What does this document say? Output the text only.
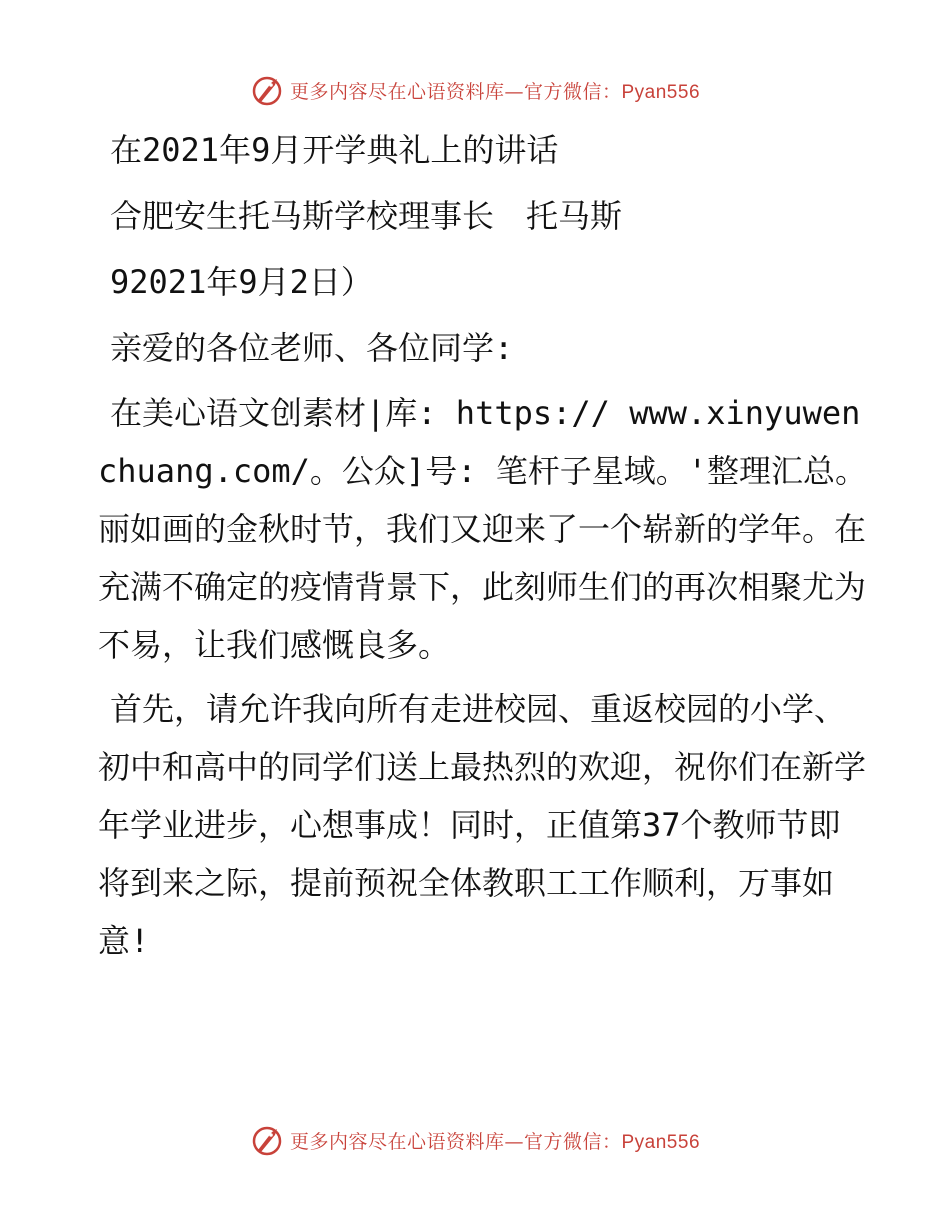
更多内容尽在心语资料库—官方微信：Pyan556
在2021年9月开学典礼上的讲话
合肥安生托马斯学校理事长　托马斯
92021年9月2日）
亲爱的各位老师、各位同学:

在美心语文创素材|库: https:// www.xinyuwenchuang.com/。公众]号: 笔杆子星域。'整理汇总。丽如画的金秋时节，我们又迎来了一个崭新的学年。在充满不确定的疫情背景下，此刻师生们的再次相聚尤为不易，让我们感慨良多。

首先，请允许我向所有走进校园、重返校园的小学、初中和高中的同学们送上最热烈的欢迎，祝你们在新学年学业进步，心想事成！同时，正值第37个教师节即将到来之际，提前预祝全体教职工工作顺利，万事如意!

更多内容尽在心语资料库—官方微信：Pyan556
